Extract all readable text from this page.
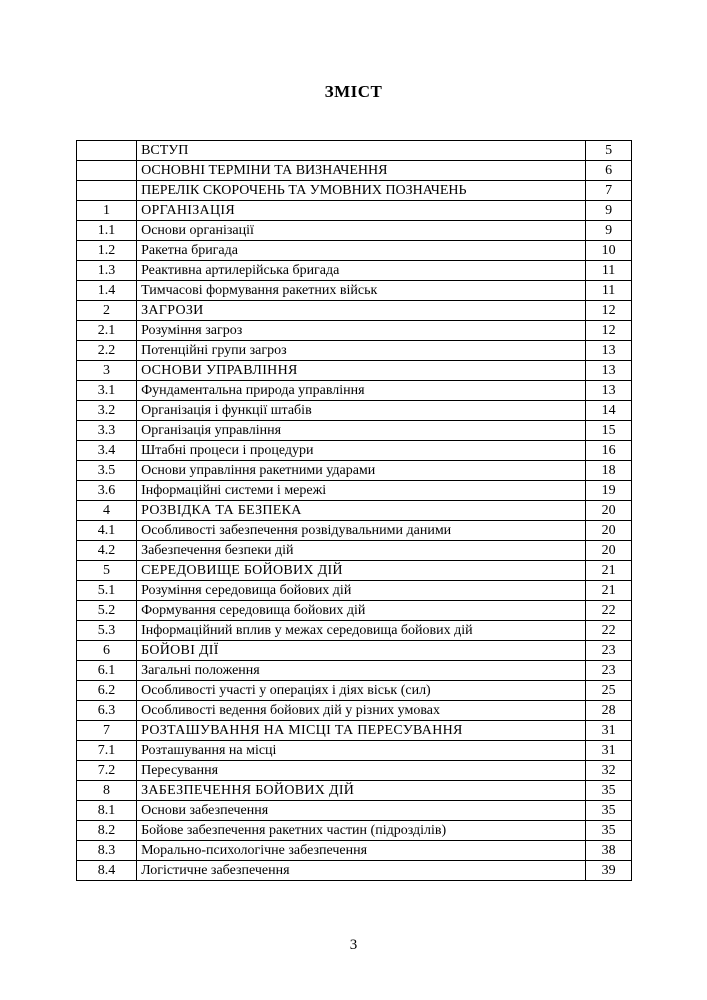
ЗМІСТ
	ВСТУП	5
	ОСНОВНІ ТЕРМІНИ ТА ВИЗНАЧЕННЯ	6
	ПЕРЕЛІК СКОРОЧЕНЬ ТА УМОВНИХ ПОЗНАЧЕНЬ	7
1	ОРГАНІЗАЦІЯ	9
1.1	Основи організації	9
1.2	Ракетна бригада	10
1.3	Реактивна артилерійська бригада	11
1.4	Тимчасові формування ракетних військ	11
2	ЗАГРОЗИ	12
2.1	Розуміння загроз	12
2.2	Потенційні групи загроз	13
3	ОСНОВИ УПРАВЛІННЯ	13
3.1	Фундаментальна природа управління	13
3.2	Організація і функції штабів	14
3.3	Організація управління	15
3.4	Штабні процеси і процедури	16
3.5	Основи управління ракетними ударами	18
3.6	Інформаційні системи і мережі	19
4	РОЗВІДКА ТА БЕЗПЕКА	20
4.1	Особливості забезпечення розвідувальними даними	20
4.2	Забезпечення безпеки дій	20
5	СЕРЕДОВИЩЕ БОЙОВИХ ДІЙ	21
5.1	Розуміння середовища бойових дій	21
5.2	Формування середовища бойових дій	22
5.3	Інформаційний вплив у межах середовища бойових дій	22
6	БОЙОВІ ДІЇ	23
6.1	Загальні положення	23
6.2	Особливості участі у операціях і діях віськ (сил)	25
6.3	Особливості ведення бойових дій у різних умовах	28
7	РОЗТАШУВАННЯ НА МІСЦІ ТА ПЕРЕСУВАННЯ	31
7.1	Розташування на місці	31
7.2	Пересування	32
8	ЗАБЕЗПЕЧЕННЯ БОЙОВИХ ДІЙ	35
8.1	Основи забезпечення	35
8.2	Бойове забезпечення ракетних частин (підрозділів)	35
8.3	Морально-психологічне забезпечення	38
8.4	Логістичне забезпечення	39
3
